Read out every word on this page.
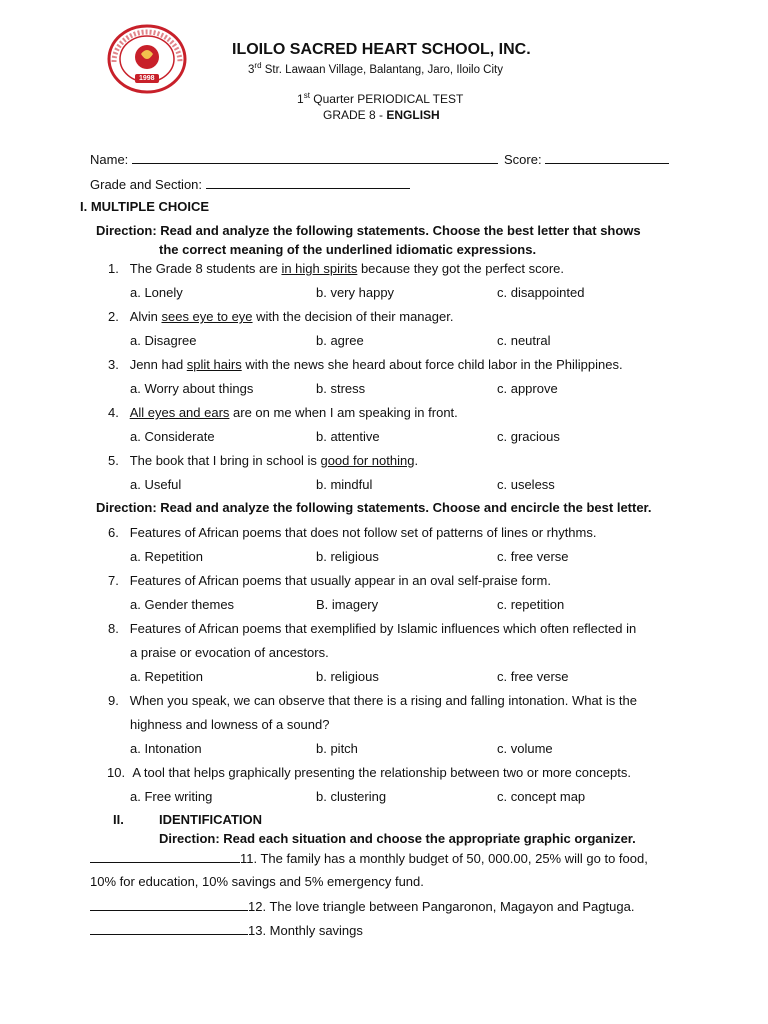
1998
ILOILO SACRED HEART SCHOOL, INC.
3rd Str. Lawaan Village, Balantang, Jaro, Iloilo City
1st Quarter PERIODICAL TEST
GRADE 8 - ENGLISH
Name:	Score:
Grade and Section:
I. MULTIPLE CHOICE
Direction: Read and analyze the following statements. Choose the best letter that shows
the correct meaning of the underlined idiomatic expressions.
1. The Grade 8 students are in high spirits because they got the perfect score.
a. Lonely	b. very happy	c. disappointed
2. Alvin sees eye to eye with the decision of their manager.
a. Disagree	b. agree	c. neutral
3. Jenn had split hairs with the news she heard about force child labor in the Philippines.
a. Worry about things	b. stress	c. approve
4. All eyes and ears are on me when I am speaking in front.
a. Considerate	b. attentive	c. gracious
5. The book that I bring in school is good for nothing.
a. Useful	b. mindful	c. useless
Direction: Read and analyze the following statements. Choose and encircle the best letter.
6. Features of African poems that does not follow set of patterns of lines or rhythms.
a. Repetition	b. religious	c. free verse
7. Features of African poems that usually appear in an oval self-praise form.
a. Gender themes	B. imagery	c. repetition
8. Features of African poems that exemplified by Islamic influences which often reflected in
a praise or evocation of ancestors.
a. Repetition	b. religious	c. free verse
9. When you speak, we can observe that there is a rising and falling intonation. What is the
highness and lowness of a sound?
a. Intonation	b. pitch	c. volume
10. A tool that helps graphically presenting the relationship between two or more concepts.
a. Free writing	b. clustering	c. concept map
II.	IDENTIFICATION
Direction: Read each situation and choose the appropriate graphic organizer.
11. The family has a monthly budget of 50, 000.00, 25% will go to food,
10% for education, 10% savings and 5% emergency fund.
12. The love triangle between Pangaronon, Magayon and Pagtuga.
13. Monthly savings
